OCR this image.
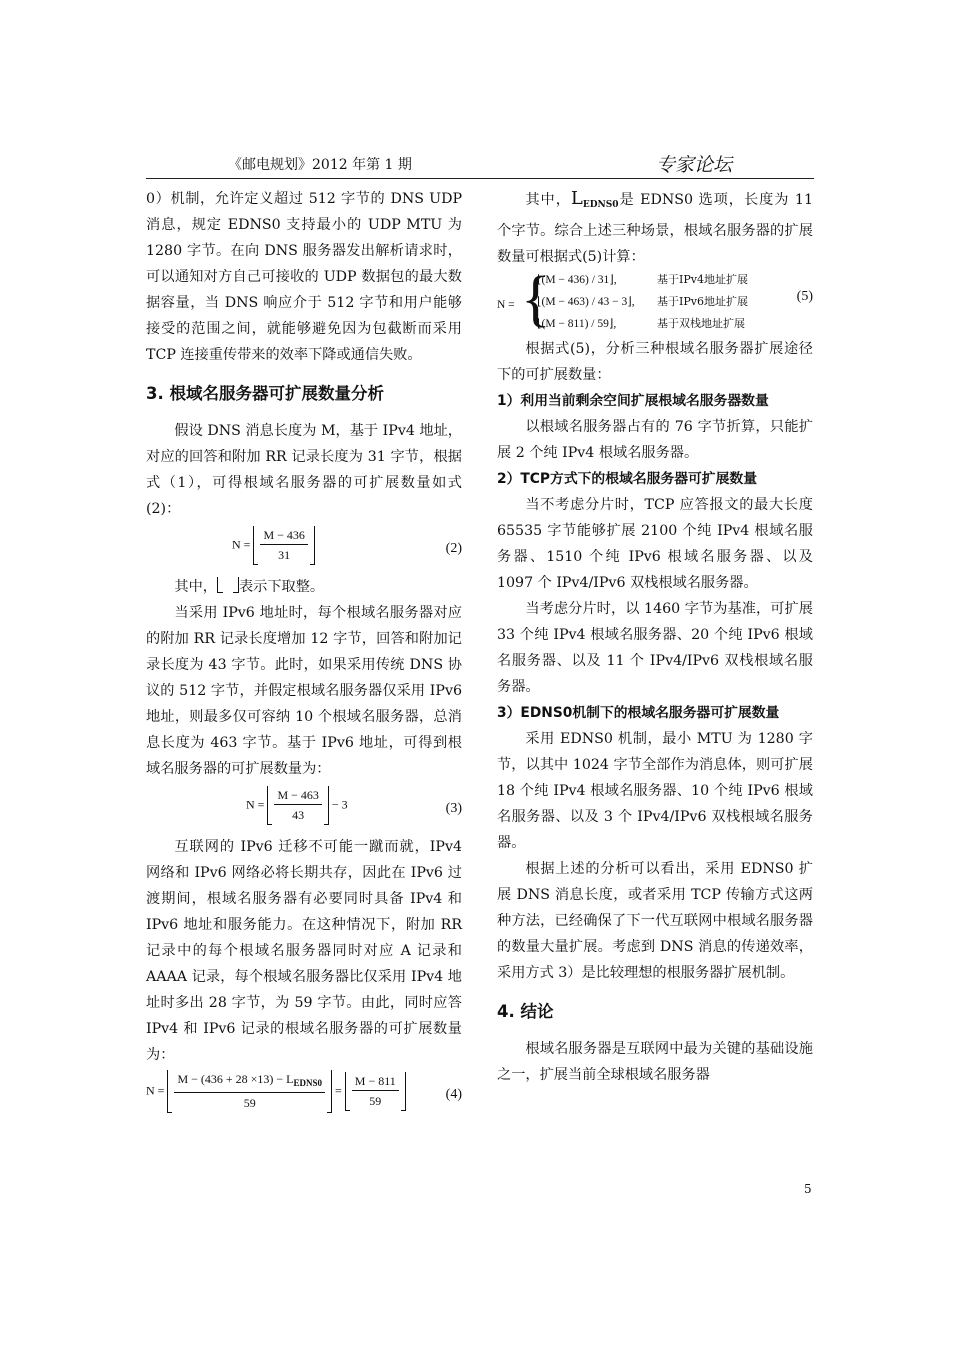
《邮电规划》2012 年第 1 期	专家论坛

0）机制，允许定义超过 512 字节的 DNS UDP 消息，规定 EDNS0 支持最小的 UDP MTU 为 1280 字节。在向 DNS 服务器发出解析请求时，可以通知对方自己可接收的 UDP 数据包的最大数据容量，当 DNS 响应介于 512 字节和用户能够接受的范围之间，就能够避免因为包截断而采用 TCP 连接重传带来的效率下降或通信失败。

3. 根域名服务器可扩展数量分析

假设 DNS 消息长度为 M，基于 IPv4 地址，对应的回答和附加 RR 记录长度为 31 字节，根据式（1），可得根域名服务器的可扩展数量如式(2)：

$N = \frac{M - 436}{31}$	(2)

其中， 表示下取整。

当采用 IPv6 地址时，每个根域名服务器对应的附加 RR 记录长度增加 12 字节，回答和附加记录长度为 43 字节。此时，如果采用传统 DNS 协议的 512 字节，并假定根域名服务器仅采用 IPv6 地址，则最多仅可容纳 10 个根域名服务器，总消息长度为 463 字节。基于 IPv6 地址，可得到根域名服务器的可扩展数量为：

$N = \frac{M - 463}{43} - 3$	(3)

互联网的 IPv6 迁移不可能一蹴而就，IPv4 网络和 IPv6 网络必将长期共存，因此在 IPv6 过渡期间，根域名服务器有必要同时具备 IPv4 和 IPv6 地址和服务能力。在这种情况下，附加 RR 记录中的每个根域名服务器同时对应 A 记录和 AAAA 记录，每个根域名服务器比仅采用 IPv4 地址时多出 28 字节，为 59 字节。由此，同时应答 IPv4 和 IPv6 记录的根域名服务器的可扩展数量为：

$N = \frac{M - (436 + 28 \times 13) - L_{EDNS0}}{59} = \frac{M - 811}{59}$	(4)

其中，$L_{EDNS0}$是 EDNS0 选项，长度为 11 个字节。综合上述三种场景，根域名服务器的扩展数量可根据式(5)计算：

N = {
⌊(M − 436) / 31⌋,	基于IPv4地址扩展
⌊(M − 463) / 43 − 3⌋, 基于IPv6地址扩展
⌊(M − 811) / 59⌋,	基于双栈地址扩展
(5)

根据式(5)，分析三种根域名服务器扩展途径下的可扩展数量：

1）利用当前剩余空间扩展根域名服务器数量

以根域名服务器占有的 76 字节折算，只能扩展 2 个纯 IPv4 根域名服务器。

2）TCP方式下的根域名服务器可扩展数量

当不考虑分片时，TCP 应答报文的最大长度 65535 字节能够扩展 2100 个纯 IPv4 根域名服务器、1510 个纯 IPv6 根域名服务器、以及 1097 个 IPv4/IPv6 双栈根域名服务器。

当考虑分片时，以 1460 字节为基准，可扩展 33 个纯 IPv4 根域名服务器、20 个纯 IPv6 根域名服务器、以及 11 个 IPv4/IPv6 双栈根域名服务器。

3）EDNS0机制下的根域名服务器可扩展数量

采用 EDNS0 机制，最小 MTU 为 1280 字节，以其中 1024 字节全部作为消息体，则可扩展 18 个纯 IPv4 根域名服务器、10 个纯 IPv6 根域名服务器、以及 3 个 IPv4/IPv6 双栈根域名服务器。

根据上述的分析可以看出，采用 EDNS0 扩展 DNS 消息长度，或者采用 TCP 传输方式这两种方法，已经确保了下一代互联网中根域名服务器的数量大量扩展。考虑到 DNS 消息的传递效率，采用方式 3）是比较理想的根服务器扩展机制。

4. 结论

根域名服务器是互联网中最为关键的基础设施之一，扩展当前全球根域名服务器

5
